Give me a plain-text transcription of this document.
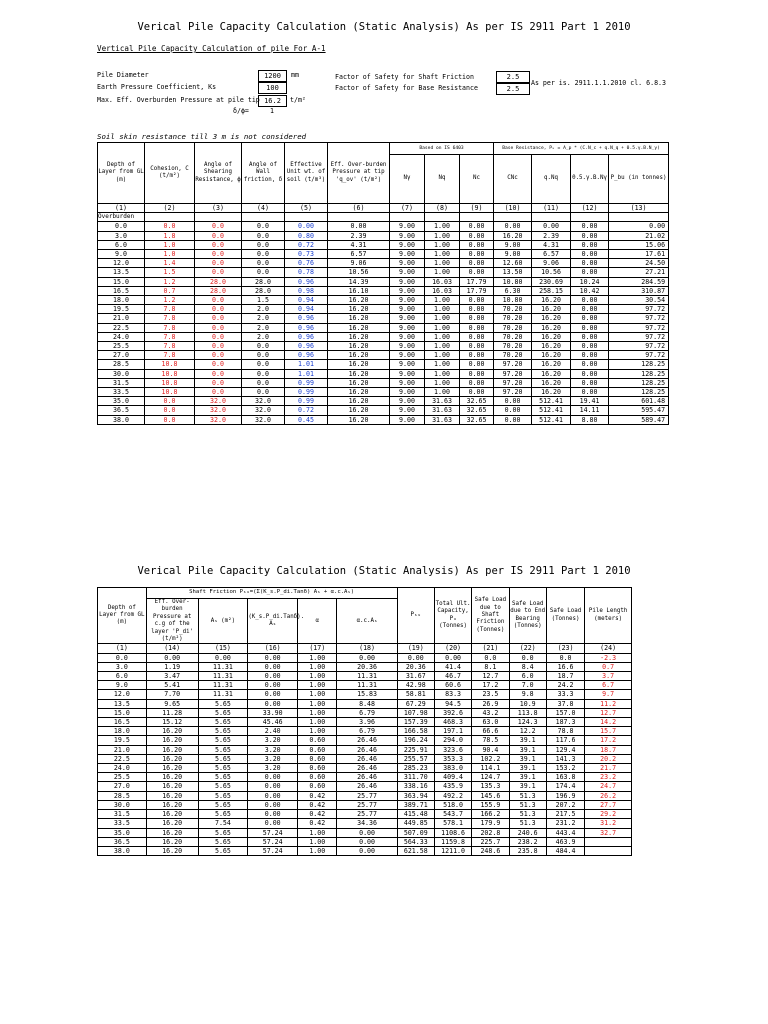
Verical Pile Capacity Calculation (Static Analysis) As per IS 2911 Part 1 2010
Vertical Pile Capacity Calculation of pile For A-1
Pile Diameter	1200	mm
Earth Pressure Coefficient, Ks	100
Max. Eff. Overburden Pressure at pile tip 16.2	t/m²
δ/ϕ=	1
Factor of Safety for Shaft Friction	2.5
Factor of Safety for Base Resistance	2.5
As per is. 2911.1.1.2010 cl. 6.8.3
Soil skin resistance till 3 m is not considered
Depth of Layer from GL (m)	Cohesion, C (t/m²)	Angle of Shearing Resistance, ϕ	Angle of Wall friction, δ	Effective Unit wt. of soil (t/m³)	Eff. Over-burden Pressure at tip 'q_ov' (t/m²)	Based on IS 6403			Base Resistance, Pᵤ = A_p * (C.N_c + q.N_q + 0.5.γ.B.N_γ)			
						Nγ	Nq	Nc	CNc	q.Nq	0.5.γ.B.Nγ	P_bu (in tonnes)
(1)	(2)	(3)	(4)	(5)	(6)	(7)	(8)	(9)	(10)	(11)	(12)	(13)
Overburden												
0.0	0.0	0.0	0.0	0.00	0.00	9.00	1.00	0.00	0.00	0.00	0.00	0.00
3.0	1.8	0.0	0.0	0.80	2.39	9.00	1.00	0.00	16.20	2.39	0.00	21.02
6.0	1.0	0.0	0.0	0.72	4.31	9.00	1.00	0.00	9.00	4.31	0.00	15.06
9.0	1.0	0.0	0.0	0.73	6.57	9.00	1.00	0.00	9.00	6.57	0.00	17.61
12.0	1.4	0.0	0.0	0.76	9.06	9.00	1.00	0.00	12.60	9.06	0.00	24.50
13.5	1.5	0.0	0.0	0.78	10.56	9.00	1.00	0.00	13.50	10.56	0.00	27.21
15.0	1.2	28.0	28.0	0.96	14.39	9.00	16.03	17.79	10.80	230.69	10.24	284.59
16.5	0.7	28.0	28.0	0.98	16.10	9.00	16.03	17.79	6.30	258.15	10.42	310.87
18.0	1.2	0.0	1.5	0.94	16.20	9.00	1.00	0.00	10.80	16.20	0.00	30.54
19.5	7.8	0.0	2.0	0.94	16.20	9.00	1.00	0.00	70.20	16.20	0.00	97.72
21.0	7.8	0.0	2.0	0.96	16.20	9.00	1.00	0.00	70.20	16.20	0.00	97.72
22.5	7.8	0.0	2.0	0.96	16.20	9.00	1.00	0.00	70.20	16.20	0.00	97.72
24.0	7.8	0.0	2.0	0.96	16.20	9.00	1.00	0.00	70.20	16.20	0.00	97.72
25.5	7.8	0.0	0.0	0.96	16.20	9.00	1.00	0.00	70.20	16.20	0.00	97.72
27.0	7.8	0.0	0.0	0.96	16.20	9.00	1.00	0.00	70.20	16.20	0.00	97.72
28.5	10.8	0.0	0.0	1.01	16.20	9.00	1.00	0.00	97.20	16.20	0.00	128.25
30.0	10.8	0.0	0.0	1.01	16.20	9.00	1.00	0.00	97.20	16.20	0.00	128.25
31.5	10.8	0.0	0.0	0.99	16.20	9.00	1.00	0.00	97.20	16.20	0.00	128.25
33.5	10.8	0.0	0.0	0.99	16.20	9.00	1.00	0.00	97.20	16.20	0.00	128.25
35.0	0.0	32.0	32.0	0.99	16.20	9.00	31.63	32.65	0.00	512.41	19.41	601.48
36.5	0.0	32.0	32.0	0.72	16.20	9.00	31.63	32.65	0.00	512.41	14.11	595.47
38.0	0.0	32.0	32.0	0.45	16.20	9.00	31.63	32.65	0.00	512.41	8.80	589.47
Verical Pile Capacity Calculation (Static Analysis) As per IS 2911 Part 1 2010
Depth of Layer from GL (m)	Shaft Friction Pₛᵤ=(Σ(K_s.P_di.Tanδ) Aₛ + α.c.Aₛ)					Pₛᵤ	Total Ult. Capacity, Pᵤ (Tonnes)	Safe Load due to Shaft Friction (Tonnes)	Safe Load due to End Bearing (Tonnes)	Safe Load (Tonnes)	Pile Length (meters)
	Eff. Over-burden Pressure at c.g of the layer 'P_di' (t/m²)	Aₛ (m²)	(K_s.P_di.Tanδ). Aₛ	α	α.c.Aₛ						
(1)	(14)	(15)	(16)	(17)	(18)	(19)	(20)	(21)	(22)	(23)	(24)
0.0	0.00	0.00	0.00	1.00	0.00	0.00	0.00	0.0	0.0	0.0	-2.3
3.0	1.19	11.31	0.00	1.00	20.36	20.36	41.4	8.1	8.4	16.6	0.7
6.0	3.47	11.31	0.00	1.00	11.31	31.67	46.7	12.7	6.0	18.7	3.7
9.0	5.41	11.31	0.00	1.00	11.31	42.98	60.6	17.2	7.0	24.2	6.7
12.0	7.70	11.31	0.00	1.00	15.83	58.81	83.3	23.5	9.8	33.3	9.7
13.5	9.65	5.65	0.00	1.00	8.48	67.29	94.5	26.9	10.9	37.8	11.2
15.0	11.28	5.65	33.90	1.00	6.79	107.98	392.6	43.2	113.8	157.0	12.7
16.5	15.12	5.65	45.46	1.00	3.96	157.39	468.3	63.0	124.3	187.3	14.2
18.0	16.20	5.65	2.40	1.00	6.79	166.58	197.1	66.6	12.2	78.8	15.7
19.5	16.20	5.65	3.20	0.60	26.46	196.24	294.0	78.5	39.1	117.6	17.2
21.0	16.20	5.65	3.20	0.60	26.46	225.91	323.6	90.4	39.1	129.4	18.7
22.5	16.20	5.65	3.20	0.60	26.46	255.57	353.3	102.2	39.1	141.3	20.2
24.0	16.20	5.65	3.20	0.60	26.46	285.23	383.0	114.1	39.1	153.2	21.7
25.5	16.20	5.65	0.00	0.60	26.46	311.70	409.4	124.7	39.1	163.8	23.2
27.0	16.20	5.65	0.00	0.60	26.46	338.16	435.9	135.3	39.1	174.4	24.7
28.5	16.20	5.65	0.00	0.42	25.77	363.94	492.2	145.6	51.3	196.9	26.2
30.0	16.20	5.65	0.00	0.42	25.77	389.71	518.0	155.9	51.3	207.2	27.7
31.5	16.20	5.65	0.00	0.42	25.77	415.48	543.7	166.2	51.3	217.5	29.2
33.5	16.20	7.54	0.00	0.42	34.36	449.85	578.1	179.9	51.3	231.2	31.2
35.0	16.20	5.65	57.24	1.00	0.00	507.09	1108.6	202.8	240.6	443.4	32.7
36.5	16.20	5.65	57.24	1.00	0.00	564.33	1159.8	225.7	238.2	463.9	
38.0	16.20	5.65	57.24	1.00	0.00	621.58	1211.0	248.6	235.8	484.4	
